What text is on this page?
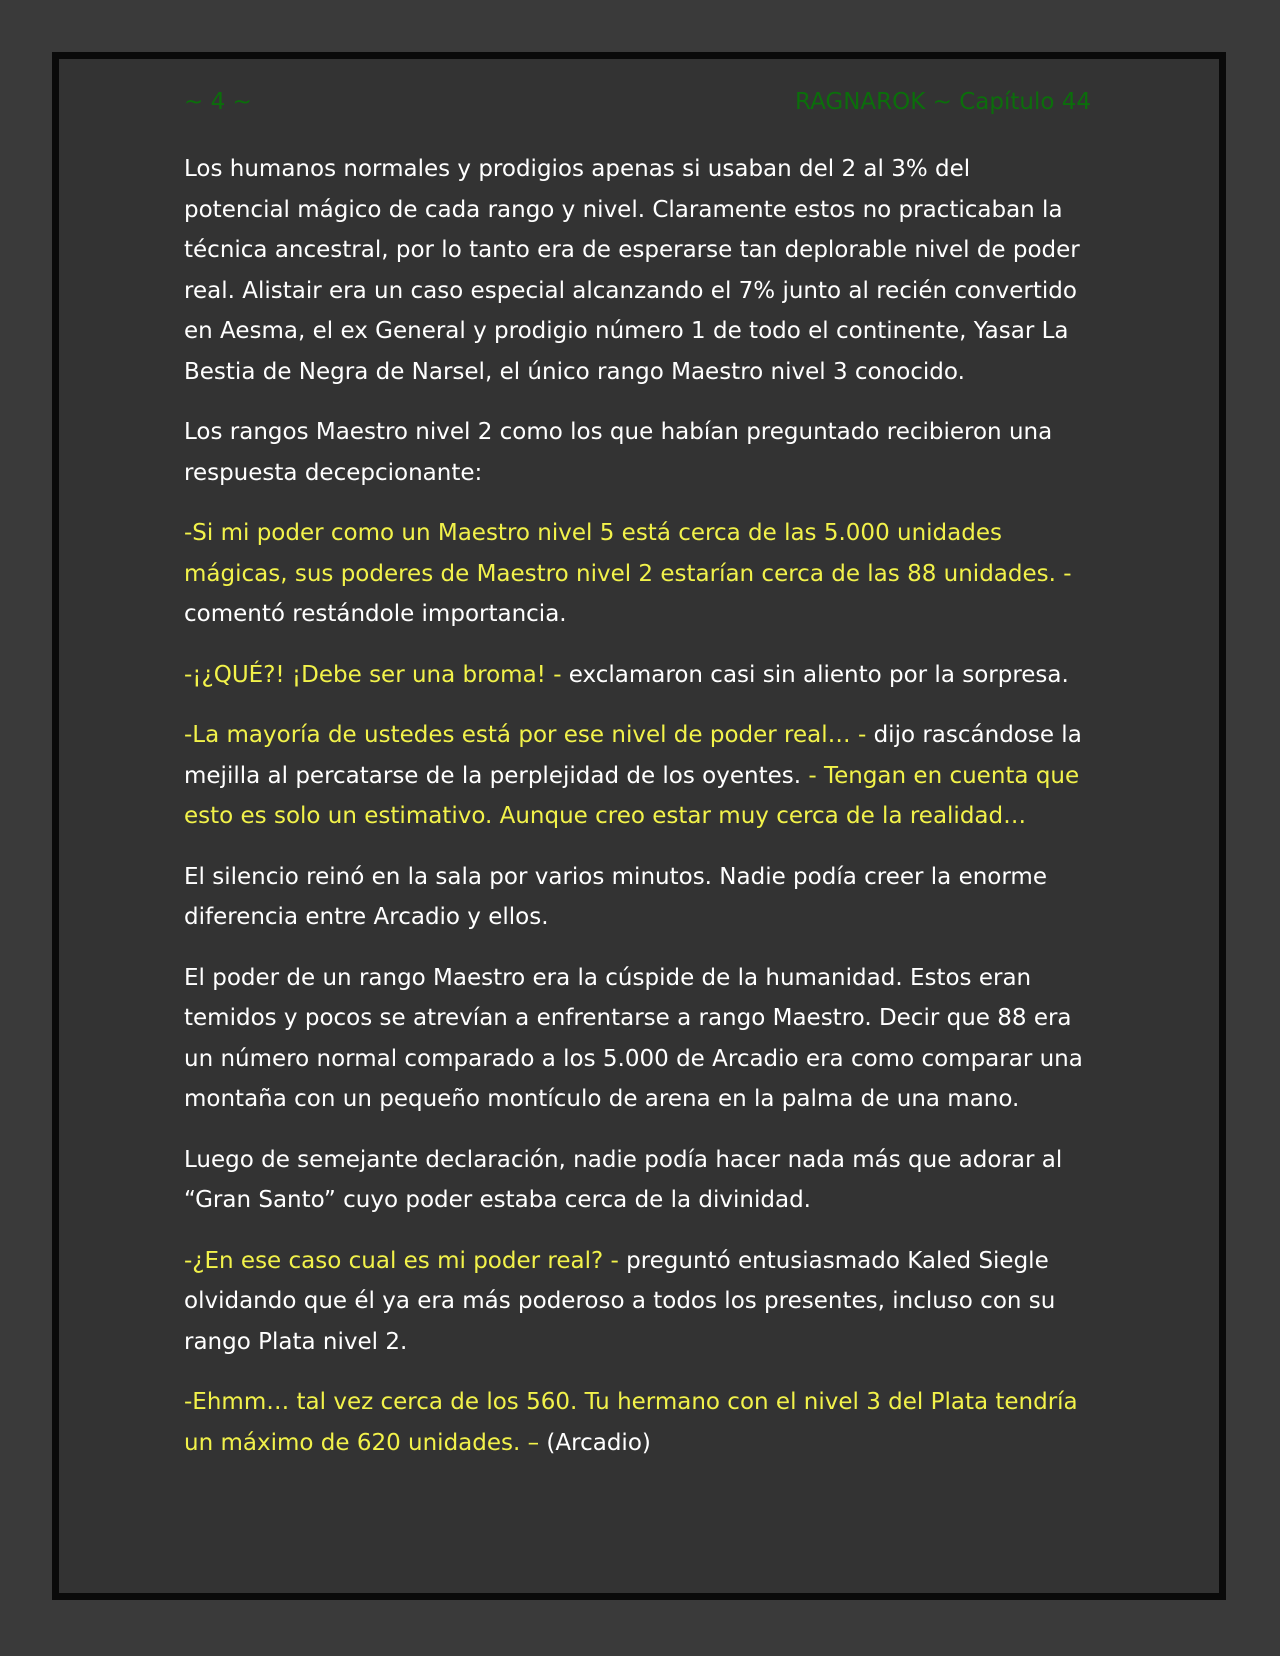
~ 4 ~	RAGNAROK ~ Capítulo 44

Los humanos normales y prodigios apenas si usaban del 2 al 3% del potencial mágico de cada rango y nivel. Claramente estos no practicaban la técnica ancestral, por lo tanto era de esperarse tan deplorable nivel de poder real. Alistair era un caso especial alcanzando el 7% junto al recién convertido en Aesma, el ex General y prodigio número 1 de todo el continente, Yasar La Bestia de Negra de Narsel, el único rango Maestro nivel 3 conocido.

Los rangos Maestro nivel 2 como los que habían preguntado recibieron una respuesta decepcionante:

-Si mi poder como un Maestro nivel 5 está cerca de las 5.000 unidades mágicas, sus poderes de Maestro nivel 2 estarían cerca de las 88 unidades. - comentó restándole importancia.

-¡¿QUÉ?! ¡Debe ser una broma! - exclamaron casi sin aliento por la sorpresa.

-La mayoría de ustedes está por ese nivel de poder real… - dijo rascándose la mejilla al percatarse de la perplejidad de los oyentes. - Tengan en cuenta que esto es solo un estimativo. Aunque creo estar muy cerca de la realidad…

El silencio reinó en la sala por varios minutos. Nadie podía creer la enorme diferencia entre Arcadio y ellos.

El poder de un rango Maestro era la cúspide de la humanidad. Estos eran temidos y pocos se atrevían a enfrentarse a rango Maestro. Decir que 88 era un número normal comparado a los 5.000 de Arcadio era como comparar una montaña con un pequeño montículo de arena en la palma de una mano.

Luego de semejante declaración, nadie podía hacer nada más que adorar al “Gran Santo” cuyo poder estaba cerca de la divinidad.

-¿En ese caso cual es mi poder real? - preguntó entusiasmado Kaled Siegle olvidando que él ya era más poderoso a todos los presentes, incluso con su rango Plata nivel 2.

-Ehmm… tal vez cerca de los 560. Tu hermano con el nivel 3 del Plata tendría un máximo de 620 unidades. – (Arcadio)
